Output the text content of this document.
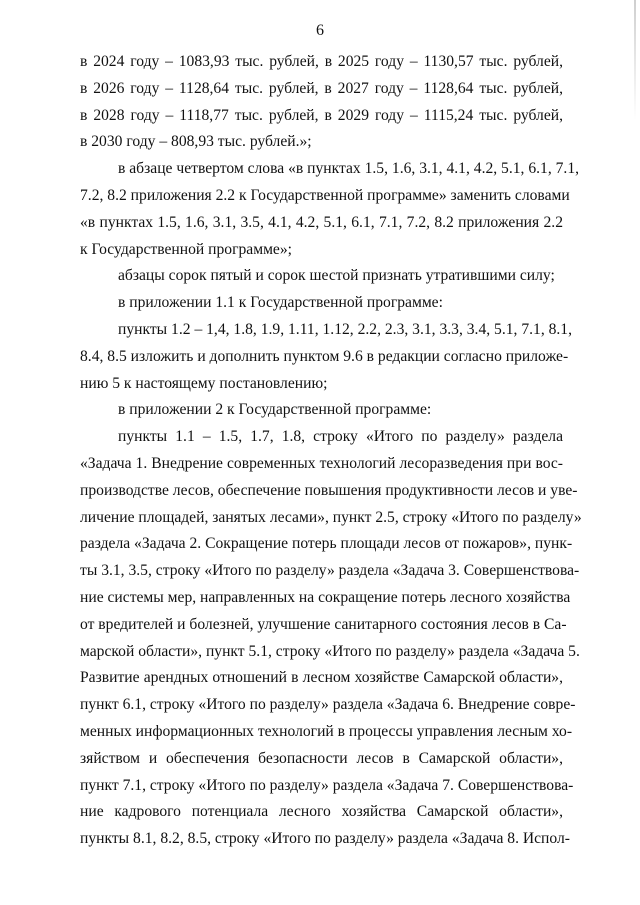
6
в 2024 году – 1083,93 тыс. рублей, в 2025 году – 1130,57 тыс. рублей,
в 2026 году – 1128,64 тыс. рублей, в 2027 году – 1128,64 тыс. рублей,
в 2028 году – 1118,77 тыс. рублей, в 2029 году – 1115,24 тыс. рублей,
в 2030 году – 808,93 тыс. рублей.»;
в абзаце четвертом слова «в пунктах 1.5, 1.6, 3.1, 4.1, 4.2, 5.1, 6.1, 7.1,
7.2, 8.2 приложения 2.2 к Государственной программе» заменить словами
«в пунктах 1.5, 1.6, 3.1, 3.5, 4.1, 4.2, 5.1, 6.1, 7.1, 7.2, 8.2 приложения 2.2
к Государственной программе»;
абзацы сорок пятый и сорок шестой признать утратившими силу;
в приложении 1.1 к Государственной программе:
пункты 1.2 – 1,4, 1.8, 1.9, 1.11, 1.12, 2.2, 2.3, 3.1, 3.3, 3.4, 5.1, 7.1, 8.1,
8.4, 8.5 изложить и дополнить пунктом 9.6 в редакции согласно приложе-
нию 5 к настоящему постановлению;
в приложении 2 к Государственной программе:
пункты 1.1 – 1.5, 1.7, 1.8, строку «Итого по разделу» раздела
«Задача 1. Внедрение современных технологий лесоразведения при вос-
производстве лесов, обеспечение повышения продуктивности лесов и уве-
личение площадей, занятых лесами», пункт 2.5, строку «Итого по разделу»
раздела «Задача 2. Сокращение потерь площади лесов от пожаров», пунк-
ты 3.1, 3.5, строку «Итого по разделу» раздела «Задача 3. Совершенствова-
ние системы мер, направленных на сокращение потерь лесного хозяйства
от вредителей и болезней, улучшение санитарного состояния лесов в Са-
марской области», пункт 5.1, строку «Итого по разделу» раздела «Задача 5.
Развитие арендных отношений в лесном хозяйстве Самарской области»,
пункт 6.1, строку «Итого по разделу» раздела «Задача 6. Внедрение совре-
менных информационных технологий в процессы управления лесным хо-
зяйством и обеспечения безопасности лесов в Самарской области»,
пункт 7.1, строку «Итого по разделу» раздела «Задача 7. Совершенствова-
ние кадрового потенциала лесного хозяйства Самарской области»,
пункты 8.1, 8.2, 8.5, строку «Итого по разделу» раздела «Задача 8. Испол-
